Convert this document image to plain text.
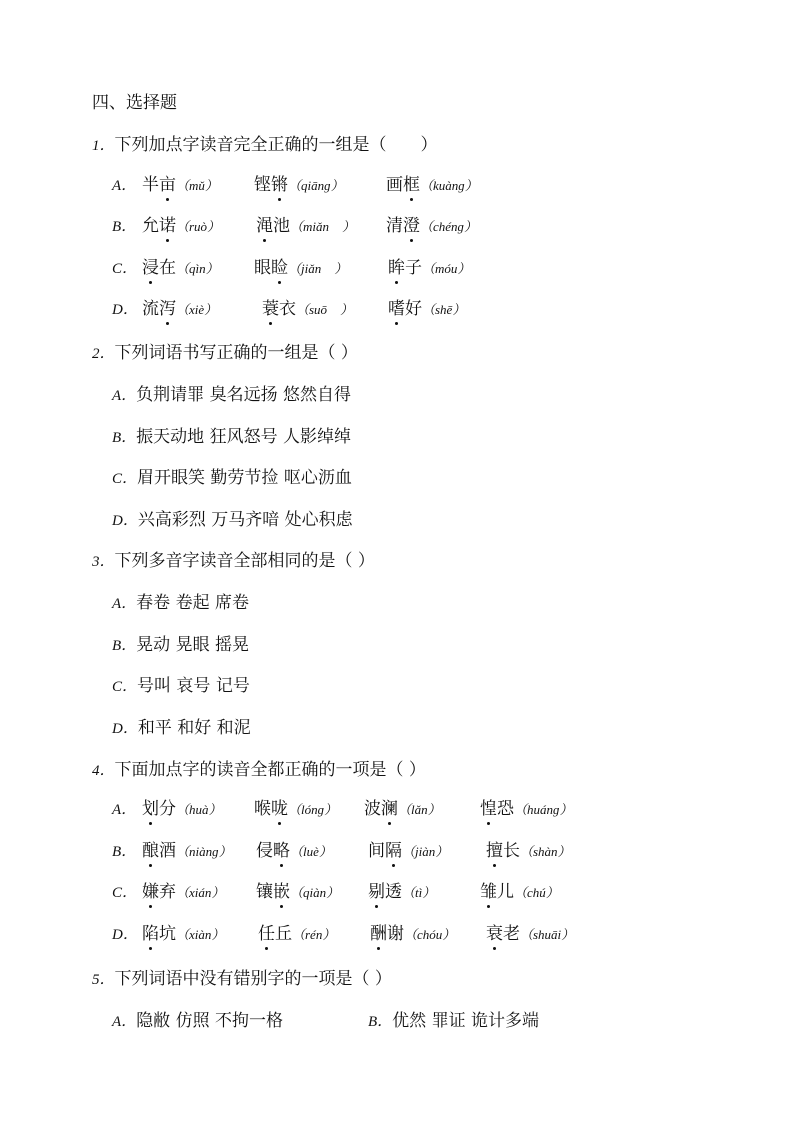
四、选择题
1．下列加点字读音完全正确的一组是（　　）
A． 半亩（mǔ） 铿锵（qiānɡ） 画框（kuànɡ）
B． 允诺（ruò） 渑池（miǎn　） 清澄（chénɡ）
C． 浸在（qìn） 眼睑（jiǎn　） 眸子（móu）
D． 流泻（xiè）	蓑衣（suō　） 嗜好（shē）
2．下列词语书写正确的一组是（ ）
A．负荆请罪 臭名远扬 悠然自得
B．振天动地 狂风怒号 人影绰绰
C．眉开眼笑 勤劳节捡 呕心沥血
D．兴高彩烈 万马齐喑 处心积虑
3．下列多音字读音全部相同的是（ ）
A．春卷 卷起 席卷
B．晃动 晃眼 摇晃
C．号叫 哀号 记号
D．和平 和好 和泥
4．下面加点字的读音全都正确的一项是（ ）
A． 划分（huà） 喉咙（lónɡ） 波澜（lǎn） 惶恐（huánɡ）
B． 酿酒（niànɡ） 侵略（luè） 间隔（jiàn） 擅长（shàn）
C． 嫌弃（xián） 镶嵌（qiàn） 剔透（tì）	雏儿（chú）
D． 陷坑（xiàn） 任丘（rén） 酬谢（chóu） 衰老（shuāi）
5．下列词语中没有错别字的一项是（ ）
A．隐敝 仿照 不拘一格	B．优然 罪证 诡计多端
